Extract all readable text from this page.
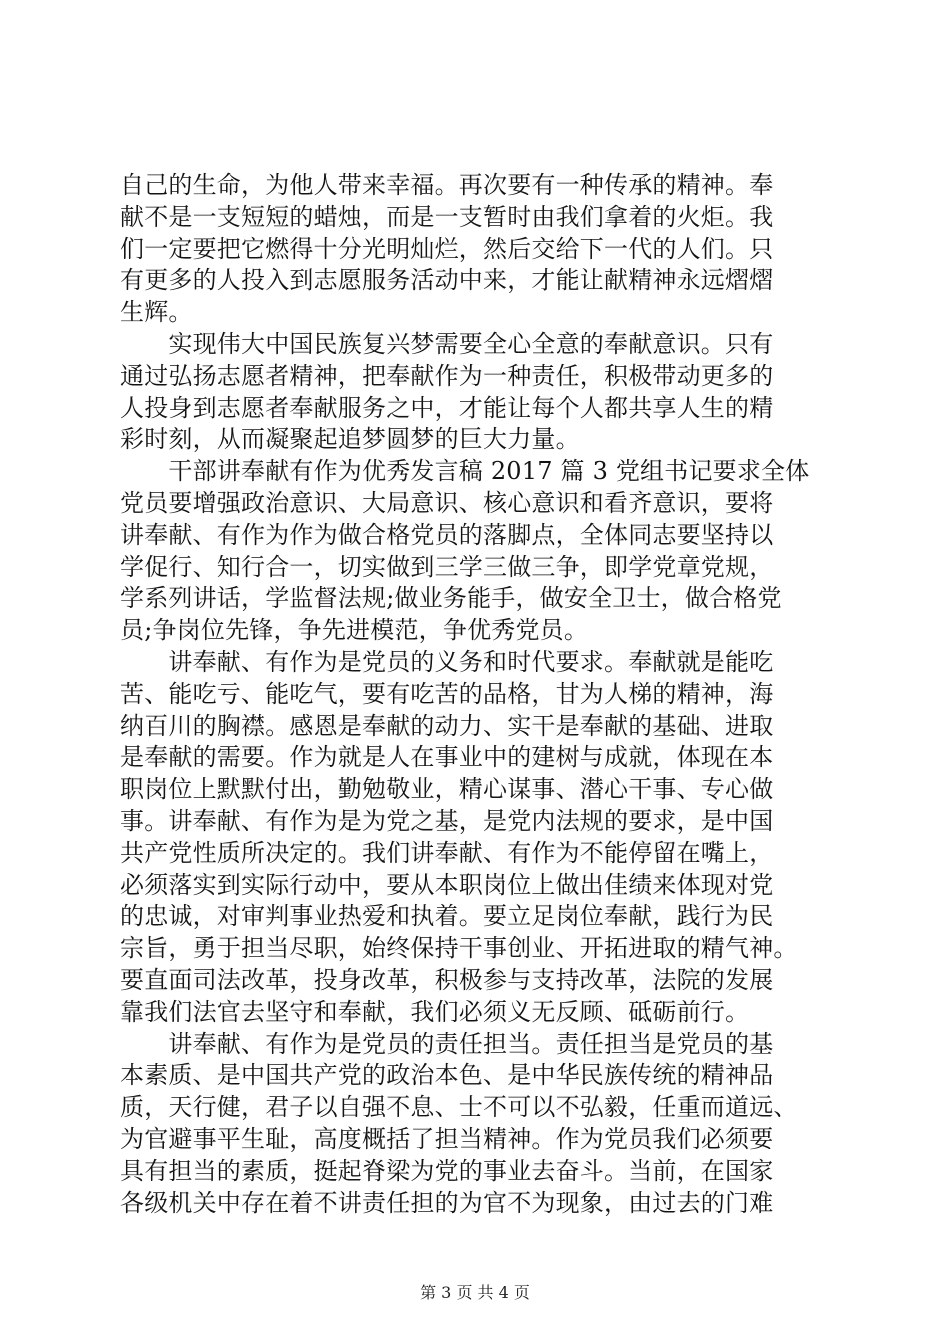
自己的生命，为他人带来幸福。再次要有一种传承的精神。奉
献不是一支短短的蜡烛，而是一支暂时由我们拿着的火炬。我
们一定要把它燃得十分光明灿烂，然后交给下一代的人们。只
有更多的人投入到志愿服务活动中来，才能让献精神永远熠熠
生辉。
　　实现伟大中国民族复兴梦需要全心全意的奉献意识。只有
通过弘扬志愿者精神，把奉献作为一种责任，积极带动更多的
人投身到志愿者奉献服务之中，才能让每个人都共享人生的精
彩时刻，从而凝聚起追梦圆梦的巨大力量。
　　干部讲奉献有作为优秀发言稿 2017 篇 3 党组书记要求全体
党员要增强政治意识、大局意识、核心意识和看齐意识，要将
讲奉献、有作为作为做合格党员的落脚点，全体同志要坚持以
学促行、知行合一，切实做到三学三做三争，即学党章党规，
学系列讲话，学监督法规;做业务能手，做安全卫士，做合格党
员;争岗位先锋，争先进模范，争优秀党员。
　　讲奉献、有作为是党员的义务和时代要求。奉献就是能吃
苦、能吃亏、能吃气，要有吃苦的品格，甘为人梯的精神，海
纳百川的胸襟。感恩是奉献的动力、实干是奉献的基础、进取
是奉献的需要。作为就是人在事业中的建树与成就，体现在本
职岗位上默默付出，勤勉敬业，精心谋事、潜心干事、专心做
事。讲奉献、有作为是为党之基，是党内法规的要求，是中国
共产党性质所决定的。我们讲奉献、有作为不能停留在嘴上，
必须落实到实际行动中，要从本职岗位上做出佳绩来体现对党
的忠诚，对审判事业热爱和执着。要立足岗位奉献，践行为民
宗旨，勇于担当尽职，始终保持干事创业、开拓进取的精气神。
要直面司法改革，投身改革，积极参与支持改革，法院的发展
靠我们法官去坚守和奉献，我们必须义无反顾、砥砺前行。
　　讲奉献、有作为是党员的责任担当。责任担当是党员的基
本素质、是中国共产党的政治本色、是中华民族传统的精神品
质，天行健，君子以自强不息、士不可以不弘毅，任重而道远、
为官避事平生耻，高度概括了担当精神。作为党员我们必须要
具有担当的素质，挺起脊梁为党的事业去奋斗。当前，在国家
各级机关中存在着不讲责任担的为官不为现象，由过去的门难
第 3 页 共 4 页
